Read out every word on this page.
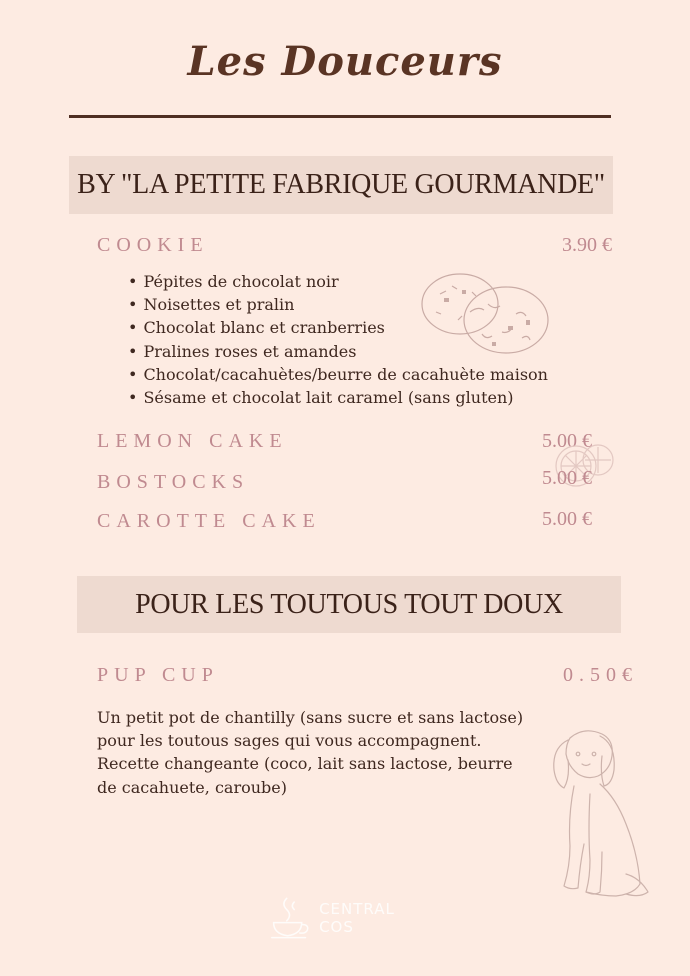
Les Douceurs
BY "LA PETITE FABRIQUE GOURMANDE"
COOKIE	3.90 €
• Pépites de chocolat noir
• Noisettes et pralin
• Chocolat blanc et cranberries
• Pralines roses et amandes
• Chocolat/cacahuètes/beurre de cacahuète maison
• Sésame et chocolat lait caramel (sans gluten)
LEMON CAKE	5.00 €
BOSTOCKS	5.00 €
CAROTTE CAKE	5.00 €
POUR LES TOUTOUS TOUT DOUX
PUP CUP	0.50€
Un petit pot de chantilly (sans sucre et sans lactose) pour les toutous sages qui vous accompagnent. Recette changeante (coco, lait sans lactose, beurre de cacahuete, caroube)
CENTRAL COS
